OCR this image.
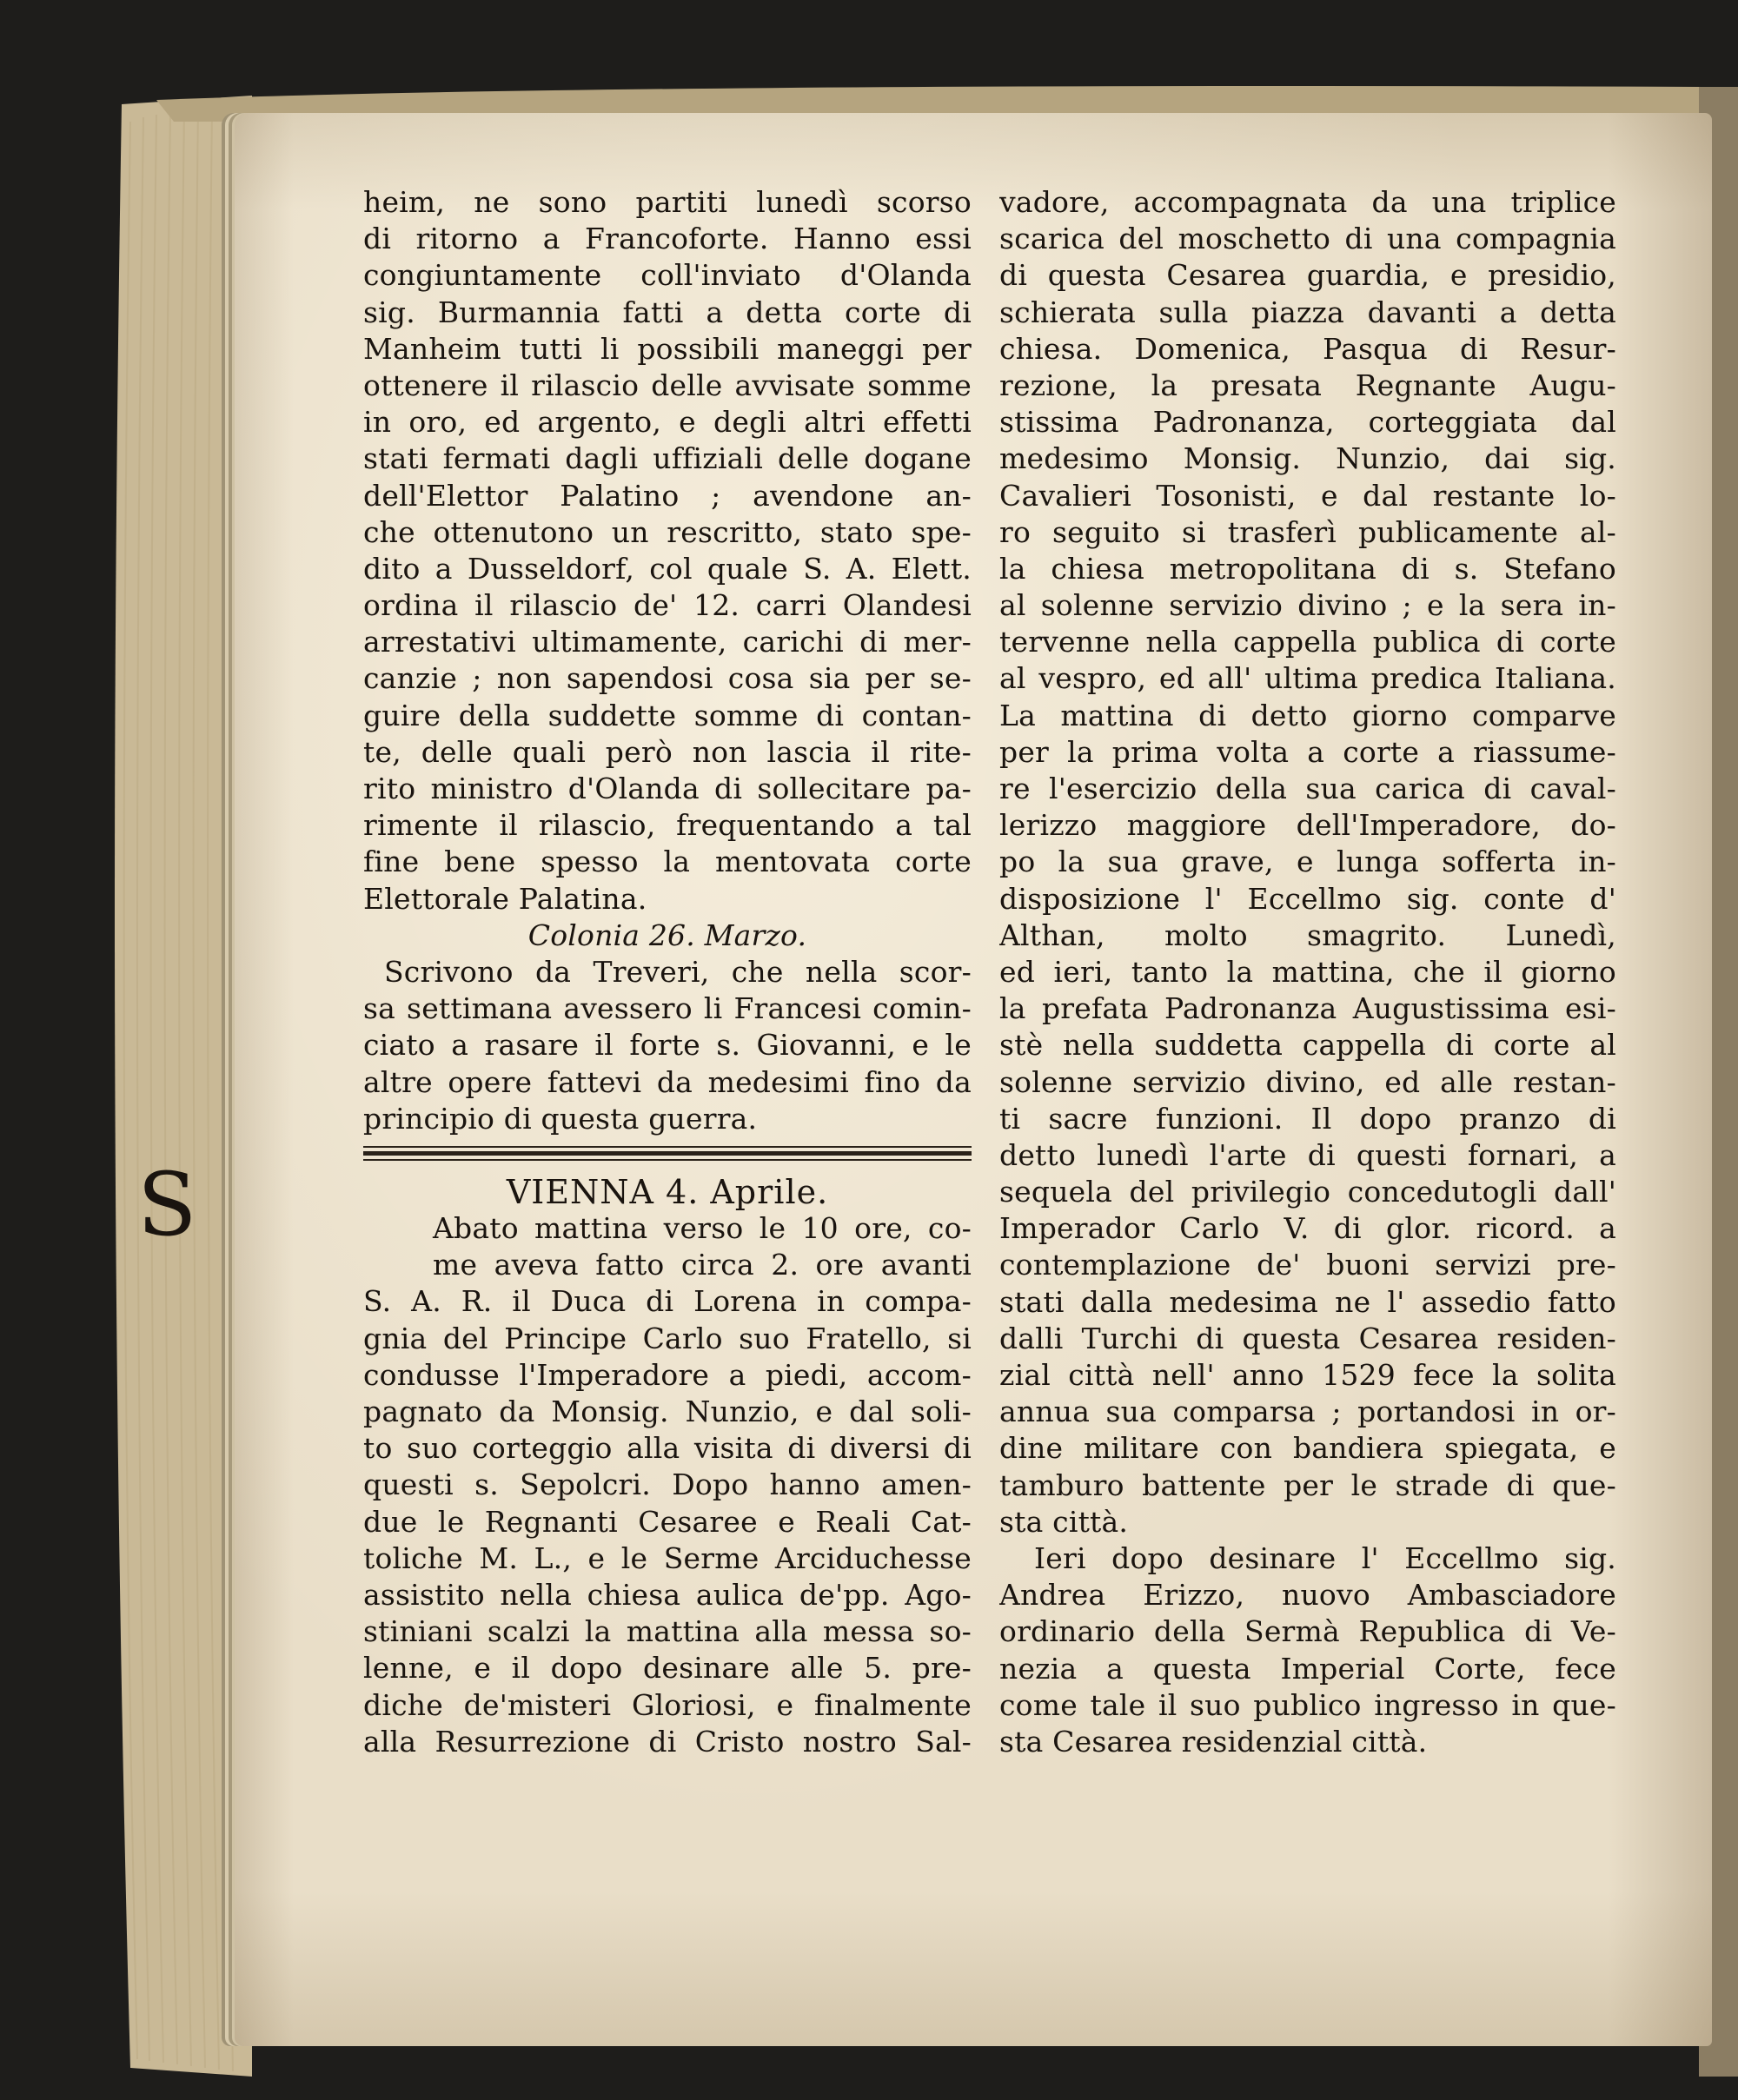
heim, ne sono partiti lunedì scorso
di ritorno a Francoforte. Hanno essi
congiuntamente coll'inviato d'Olanda
sig. Burmannia fatti a detta corte di
Manheim tutti li possibili maneggi per
ottenere il rilascio delle avvisate somme
in oro, ed argento, e degli altri effetti
stati fermati dagli uffiziali delle dogane
dell'Elettor Palatino ; avendone an-
che ottenutono un rescritto, stato spe-
dito a Dusseldorf, col quale S. A. Elett.
ordina il rilascio de' 12. carri Olandesi
arrestativi ultimamente, carichi di mer-
canzie ; non sapendosi cosa sia per se-
guire della suddette somme di contan-
te, delle quali però non lascia il rite-
rito ministro d'Olanda di sollecitare pa-
rimente il rilascio, frequentando a tal
fine bene spesso la mentovata corte
Elettorale Palatina.
Colonia 26. Marzo.
Scrivono da Treveri, che nella scor-
sa settimana avessero li Francesi comin-
ciato a rasare il forte s. Giovanni, e le
altre opere fattevi da medesimi fino da
principio di questa guerra.
VIENNA 4. Aprile.
Abato mattina verso le 10 ore, co-
me aveva fatto circa 2. ore avanti
S. A. R. il Duca di Lorena in compa-
gnia del Principe Carlo suo Fratello, si
condusse l'Imperadore a piedi, accom-
pagnato da Monsig. Nunzio, e dal soli-
to suo corteggio alla visita di diversi di
questi s. Sepolcri. Dopo hanno amen-
due le Regnanti Cesaree e Reali Cat-
toliche M. L., e le Serme Arciduchesse
assistito nella chiesa aulica de'pp. Ago-
stiniani scalzi la mattina alla messa so-
lenne, e il dopo desinare alle 5. pre-
diche de'misteri Gloriosi, e finalmente
alla Resurrezione di Cristo nostro Sal-
vadore, accompagnata da una triplice
scarica del moschetto di una compagnia
di questa Cesarea guardia, e presidio,
schierata sulla piazza davanti a detta
chiesa. Domenica, Pasqua di Resur-
rezione, la presata Regnante Augu-
stissima Padronanza, corteggiata dal
medesimo Monsig. Nunzio, dai sig.
Cavalieri Tosonisti, e dal restante lo-
ro seguito si trasferì publicamente al-
la chiesa metropolitana di s. Stefano
al solenne servizio divino ; e la sera in-
tervenne nella cappella publica di corte
al vespro, ed all' ultima predica Italiana.
La mattina di detto giorno comparve
per la prima volta a corte a riassume-
re l'esercizio della sua carica di caval-
lerizzo maggiore dell'Imperadore, do-
po la sua grave, e lunga sofferta in-
disposizione l' Eccellmo sig. conte d'
Althan, molto smagrito. Lunedì,
ed ieri, tanto la mattina, che il giorno
la prefata Padronanza Augustissima esi-
stè nella suddetta cappella di corte al
solenne servizio divino, ed alle restan-
ti sacre funzioni. Il dopo pranzo di
detto lunedì l'arte di questi fornari, a
sequela del privilegio concedutogli dall'
Imperador Carlo V. di glor. ricord. a
contemplazione de' buoni servizi pre-
stati dalla medesima ne l' assedio fatto
dalli Turchi di questa Cesarea residen-
zial città nell' anno 1529 fece la solita
annua sua comparsa ; portandosi in or-
dine militare con bandiera spiegata, e
tamburo battente per le strade di que-
sta città.
Ieri dopo desinare l' Eccellmo sig.
Andrea Erizzo, nuovo Ambasciadore
ordinario della Sermà Republica di Ve-
nezia a questa Imperial Corte, fece
come tale il suo publico ingresso in que-
sta Cesarea residenzial città.
S
